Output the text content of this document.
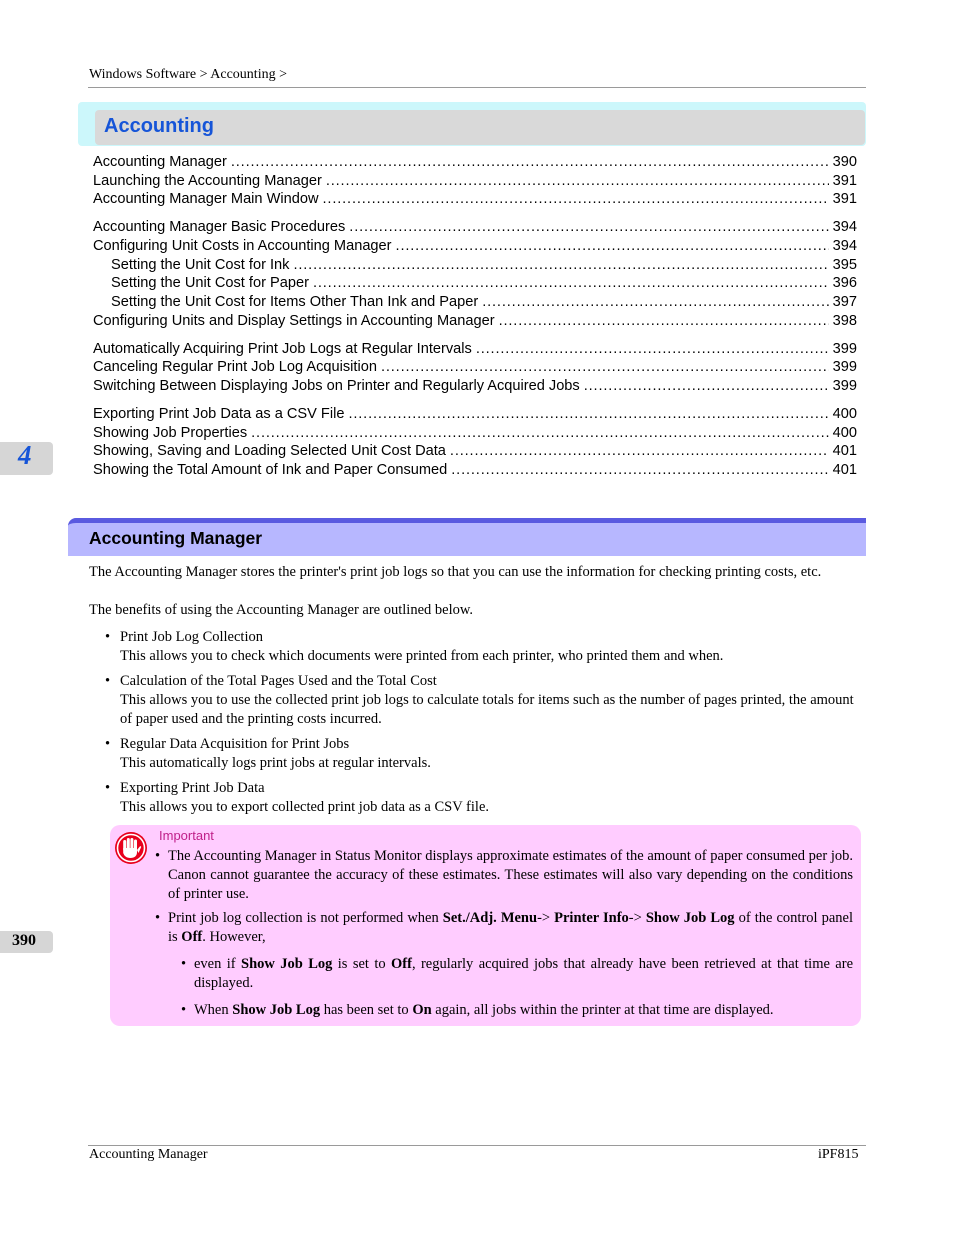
Windows Software > Accounting >
Accounting
Accounting Manager . . .	390
Launching the Accounting Manager . . .	391
Accounting Manager Main Window . . .	391
Accounting Manager Basic Procedures . . .	394
Configuring Unit Costs in Accounting Manager . . .	394
Setting the Unit Cost for Ink . . .	395
Setting the Unit Cost for Paper . . .	396
Setting the Unit Cost for Items Other Than Ink and Paper . . .	397
Configuring Units and Display Settings in Accounting Manager . . .	398
Automatically Acquiring Print Job Logs at Regular Intervals . . .	399
Canceling Regular Print Job Log Acquisition . . .	399
Switching Between Displaying Jobs on Printer and Regularly Acquired Jobs . . .	399
Exporting Print Job Data as a CSV File . . .	400
Showing Job Properties . . .	400
Showing, Saving and Loading Selected Unit Cost Data . . .	401
Showing the Total Amount of Ink and Paper Consumed . . .	401
4
Accounting Manager
The Accounting Manager stores the printer's print job logs so that you can use the information for checking printing costs, etc.
The benefits of using the Accounting Manager are outlined below.
• Print Job Log Collection
This allows you to check which documents were printed from each printer, who printed them and when.
• Calculation of the Total Pages Used and the Total Cost
This allows you to use the collected print job logs to calculate totals for items such as the number of pages printed, the amount of paper used and the printing costs incurred.
• Regular Data Acquisition for Print Jobs
This automatically logs print jobs at regular intervals.
• Exporting Print Job Data
This allows you to export collected print job data as a CSV file.
Important
• The Accounting Manager in Status Monitor displays approximate estimates of the amount of paper consumed per job. Canon cannot guarantee the accuracy of these estimates. These estimates will also vary depending on the conditions of printer use.
• Print job log collection is not performed when Set./Adj. Menu-> Printer Info-> Show Job Log of the control panel is Off. However,
• even if Show Job Log is set to Off, regularly acquired jobs that already have been retrieved at that time are displayed.
• When Show Job Log has been set to On again, all jobs within the printer at that time are displayed.
390
Accounting Manager	iPF815
